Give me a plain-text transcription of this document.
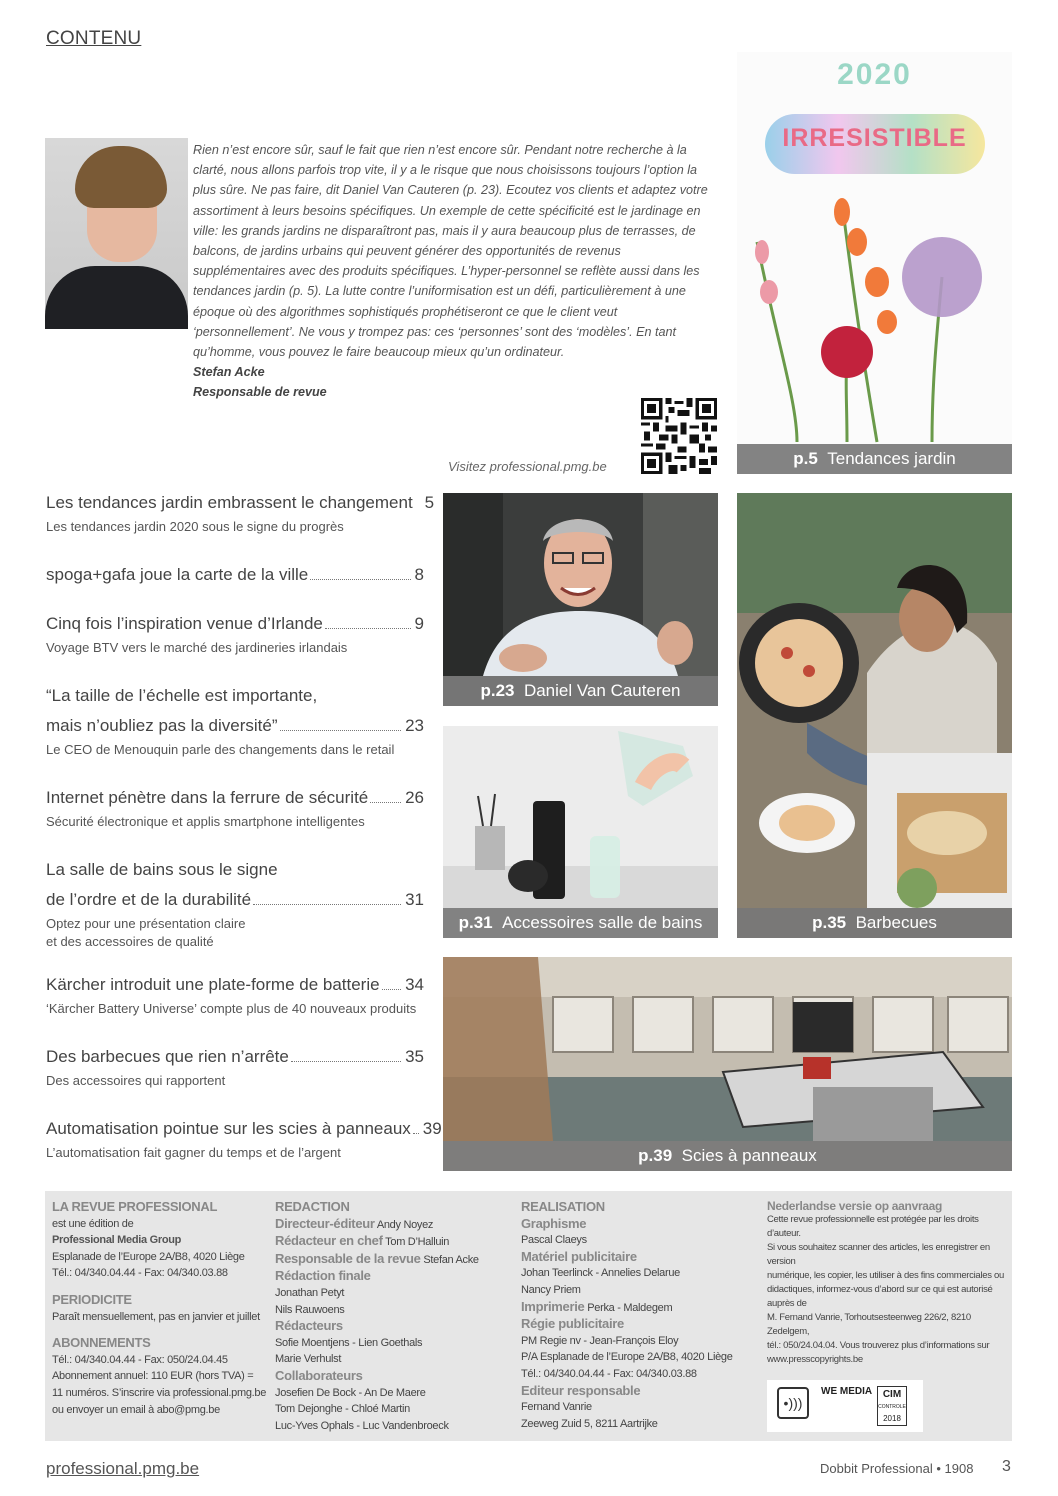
CONTENU
Rien n’est encore sûr, sauf le fait que rien n’est encore sûr. Pendant notre recherche à la clarté, nous allons parfois trop vite, il y a le risque que nous choisissons toujours l’option la plus sûre. Ne pas faire, dit Daniel Van Cauteren (p. 23). Ecoutez vos clients et adaptez votre assortiment à leurs besoins spécifiques. Un exemple de cette spécificité est le jardinage en ville: les grands jardins ne disparaîtront pas, mais il y aura beaucoup plus de terrasses, de balcons, de jardins urbains qui peuvent générer des opportunités de revenus supplémentaires avec des produits spécifiques. L’hyper-personnel se reflète aussi dans les tendances jardin (p. 5). La lutte contre l’uniformisation est un défi, particulièrement à une époque où des algorithmes sophistiqués prophétiseront ce que le client veut ‘personnellement’. Ne vous y trompez pas: ces ‘personnes’ sont des ‘modèles’. En tant qu’homme, vous pouvez le faire beaucoup mieux qu’un ordinateur.
Stefan Acke
Responsable de revue
Visitez professional.pmg.be
2020
IRRESISTIBLE
p.5 Tendances jardin
p.23 Daniel Van Cauteren
p.31 Accessoires salle de bains	p.35 Barbecues
p.39 Scies à panneaux
Les tendances jardin embrassent le changement 5
Les tendances jardin 2020 sous le signe du progrès
spoga+gafa joue la carte de la ville	8
Cinq fois l’inspiration venue d’Irlande	9
Voyage BTV vers le marché des jardineries irlandais
“La taille de l’échelle est importante,
mais n’oubliez pas la diversité”	23
Le CEO de Menouquin parle des changements dans le retail
Internet pénètre dans la ferrure de sécurité 26
Sécurité électronique et applis smartphone intelligentes
La salle de bains sous le signe
de l’ordre et de la durabilité	31
Optez pour une présentation claire
et des accessoires de qualité
Kärcher introduit une plate-forme de batterie 34
‘Kärcher Battery Universe’ compte plus de 40 nouveaux produits
Des barbecues que rien n’arrête	35
Des accessoires qui rapportent
Automatisation pointue sur les scies à panneaux 39
L’automatisation fait gagner du temps et de l’argent
LA REVUE PROFESSIONAL
est une édition de
Professional Media Group
Esplanade de l’Europe 2A/B8, 4020 Liège
Tél.: 04/340.04.44 - Fax: 04/340.03.88
PERIODICITE
Paraît mensuellement, pas en janvier et juillet
ABONNEMENTS
Tél.: 04/340.04.44 - Fax: 050/24.04.45
Abonnement annuel: 110 EUR (hors TVA) =
11 numéros. S’inscrire via professional.pmg.be
ou envoyer un email à abo@pmg.be
REDACTION
Directeur-éditeur Andy Noyez
Rédacteur en chef Tom D’Halluin
Responsable de la revue Stefan Acke
Rédaction finale
Jonathan Petyt
Nils Rauwoens
Rédacteurs
Sofie Moentjens - Lien Goethals
Marie Verhulst
Collaborateurs
Josefien De Bock - An De Maere
Tom Dejonghe - Chloé Martin
Luc-Yves Ophals - Luc Vandenbroeck
REALISATION
Graphisme
Pascal Claeys
Matériel publicitaire
Johan Teerlinck - Annelies Delarue
Nancy Priem
Imprimerie Perka - Maldegem
Régie publicitaire
PM Regie nv - Jean-François Eloy
P/A Esplanade de l’Europe 2A/B8, 4020 Liège
Tél.: 04/340.04.44 - Fax: 04/340.03.88
Editeur responsable
Fernand Vanrie
Zeeweg Zuid 5, 8211 Aartrijke
Nederlandse versie op aanvraag
Cette revue professionnelle est protégée par les droits d’auteur.
Si vous souhaitez scanner des articles, les enregistrer en version
numérique, les copier, les utiliser à des fins commerciales ou
didactiques, informez-vous d’abord sur ce qui est autorisé auprès de
M. Fernand Vanrie, Torhoutsesteenweg 226/2, 8210 Zedelgem,
tél.: 050/24.04.04. Vous trouverez plus d’informations sur
www.presscopyrights.be
•)))
WE MEDIA	CIM
CONTROLE
2018
professional.pmg.be	Dobbit Professional • 1908 3
